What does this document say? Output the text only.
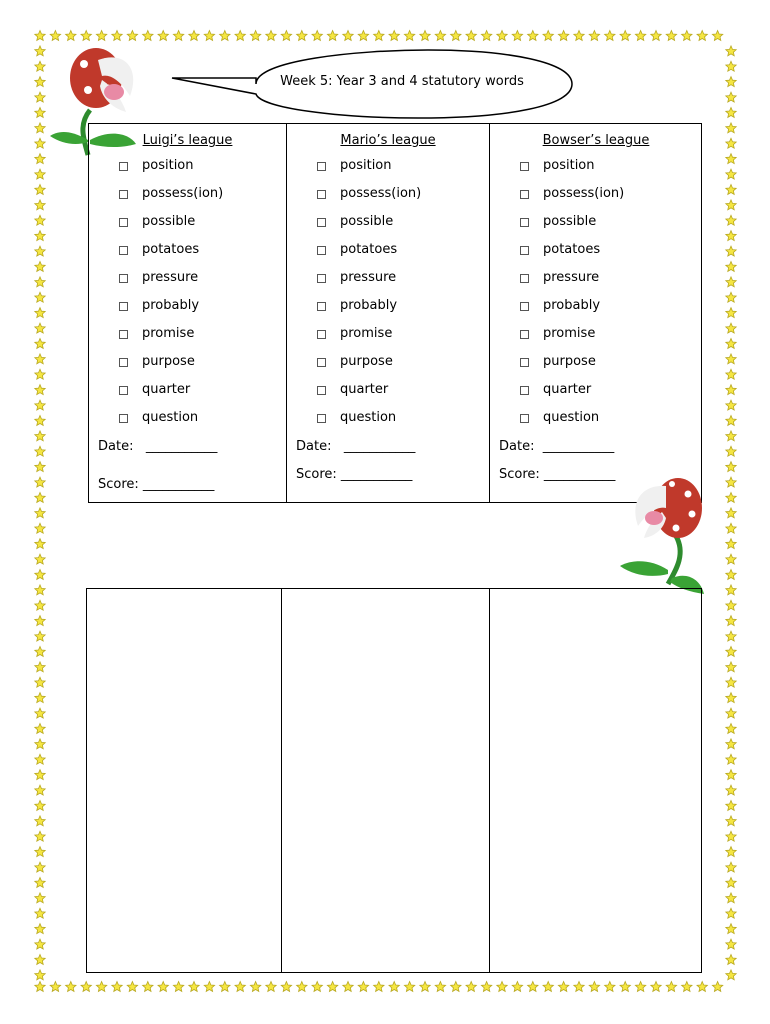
Week 5: Year 3 and 4 statutory words
Luigi’s league
position
possess(ion)
possible
potatoes
pressure
probably
promise
purpose
quarter
question
Date:   ___________
Score: ___________
Mario’s league
position
possess(ion)
possible
potatoes
pressure
probably
promise
purpose
quarter
question
Date:   ___________
Score: ___________
Bowser’s league
position
possess(ion)
possible
potatoes
pressure
probably
promise
purpose
quarter
question
Date:  ___________
Score: ___________
